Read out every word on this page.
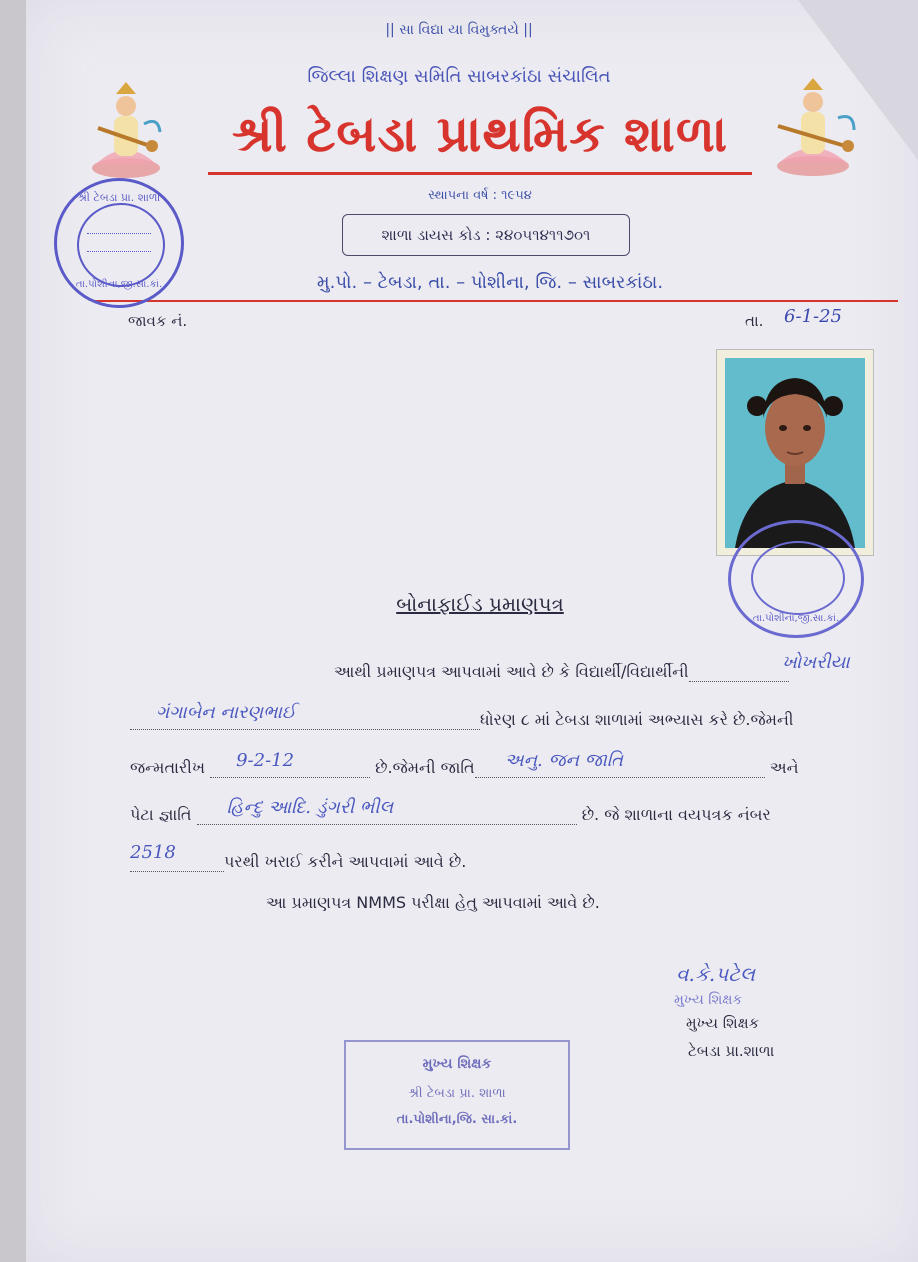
|| સા વિદ્યા યા વિમુક્તયે ||
જિલ્લા શિક્ષણ સમિતિ સાબરકાંઠા સંચાલિત
શ્રી ટેબડા પ્રાથમિક શાળા
સ્થાપના વર્ષ : ૧૯૫૪
શાળા ડાયસ કોડ : ૨૪૦૫૧૪૧૧૭૦૧
મુ.પો. – ટેબડા, તા. – પોશીના, જિ. – સાબરકાંઠા.
શ્રી ટેબડા પ્રા. શાળા
તા.પોશીના,જી.સા.કાં.
જાવક નં.	તા. 6-1-25
તા.પોશીના,જી.સા.કાં.
બોનાફાઈડ પ્રમાણપત્ર
આથી પ્રમાણપત્ર આપવામાં આવે છે કે વિદ્યાર્થી/વિદ્યાર્થીની	ખોખરીયા
ગંગાબેન નારણભાઈ	ધોરણ ૮ માં ટેબડા શાળામાં અભ્યાસ કરે છે.જેમની
જન્મતારીખ 9-2-12	છે.જેમની જાતિ અનુ. જન જાતિ	અને
પેટા જ્ઞાતિ હિન્દુ આદિ. ડુંગરી ભીલ	છે. જે શાળાના વયપત્રક નંબર
2518	પરથી ખરાઈ કરીને આપવામાં આવે છે.
આ પ્રમાણપત્ર NMMS પરીક્ષા હેતુ આપવામાં આવે છે.
વ.કે.પટેલ
મુખ્ય શિક્ષક
મુખ્ય શિક્ષક
ટેબડા પ્રા.શાળા
મુખ્ય શિક્ષક
શ્રી ટેબડા પ્રા. શાળા
તા.પોશીના,જિ. સા.કાં.
